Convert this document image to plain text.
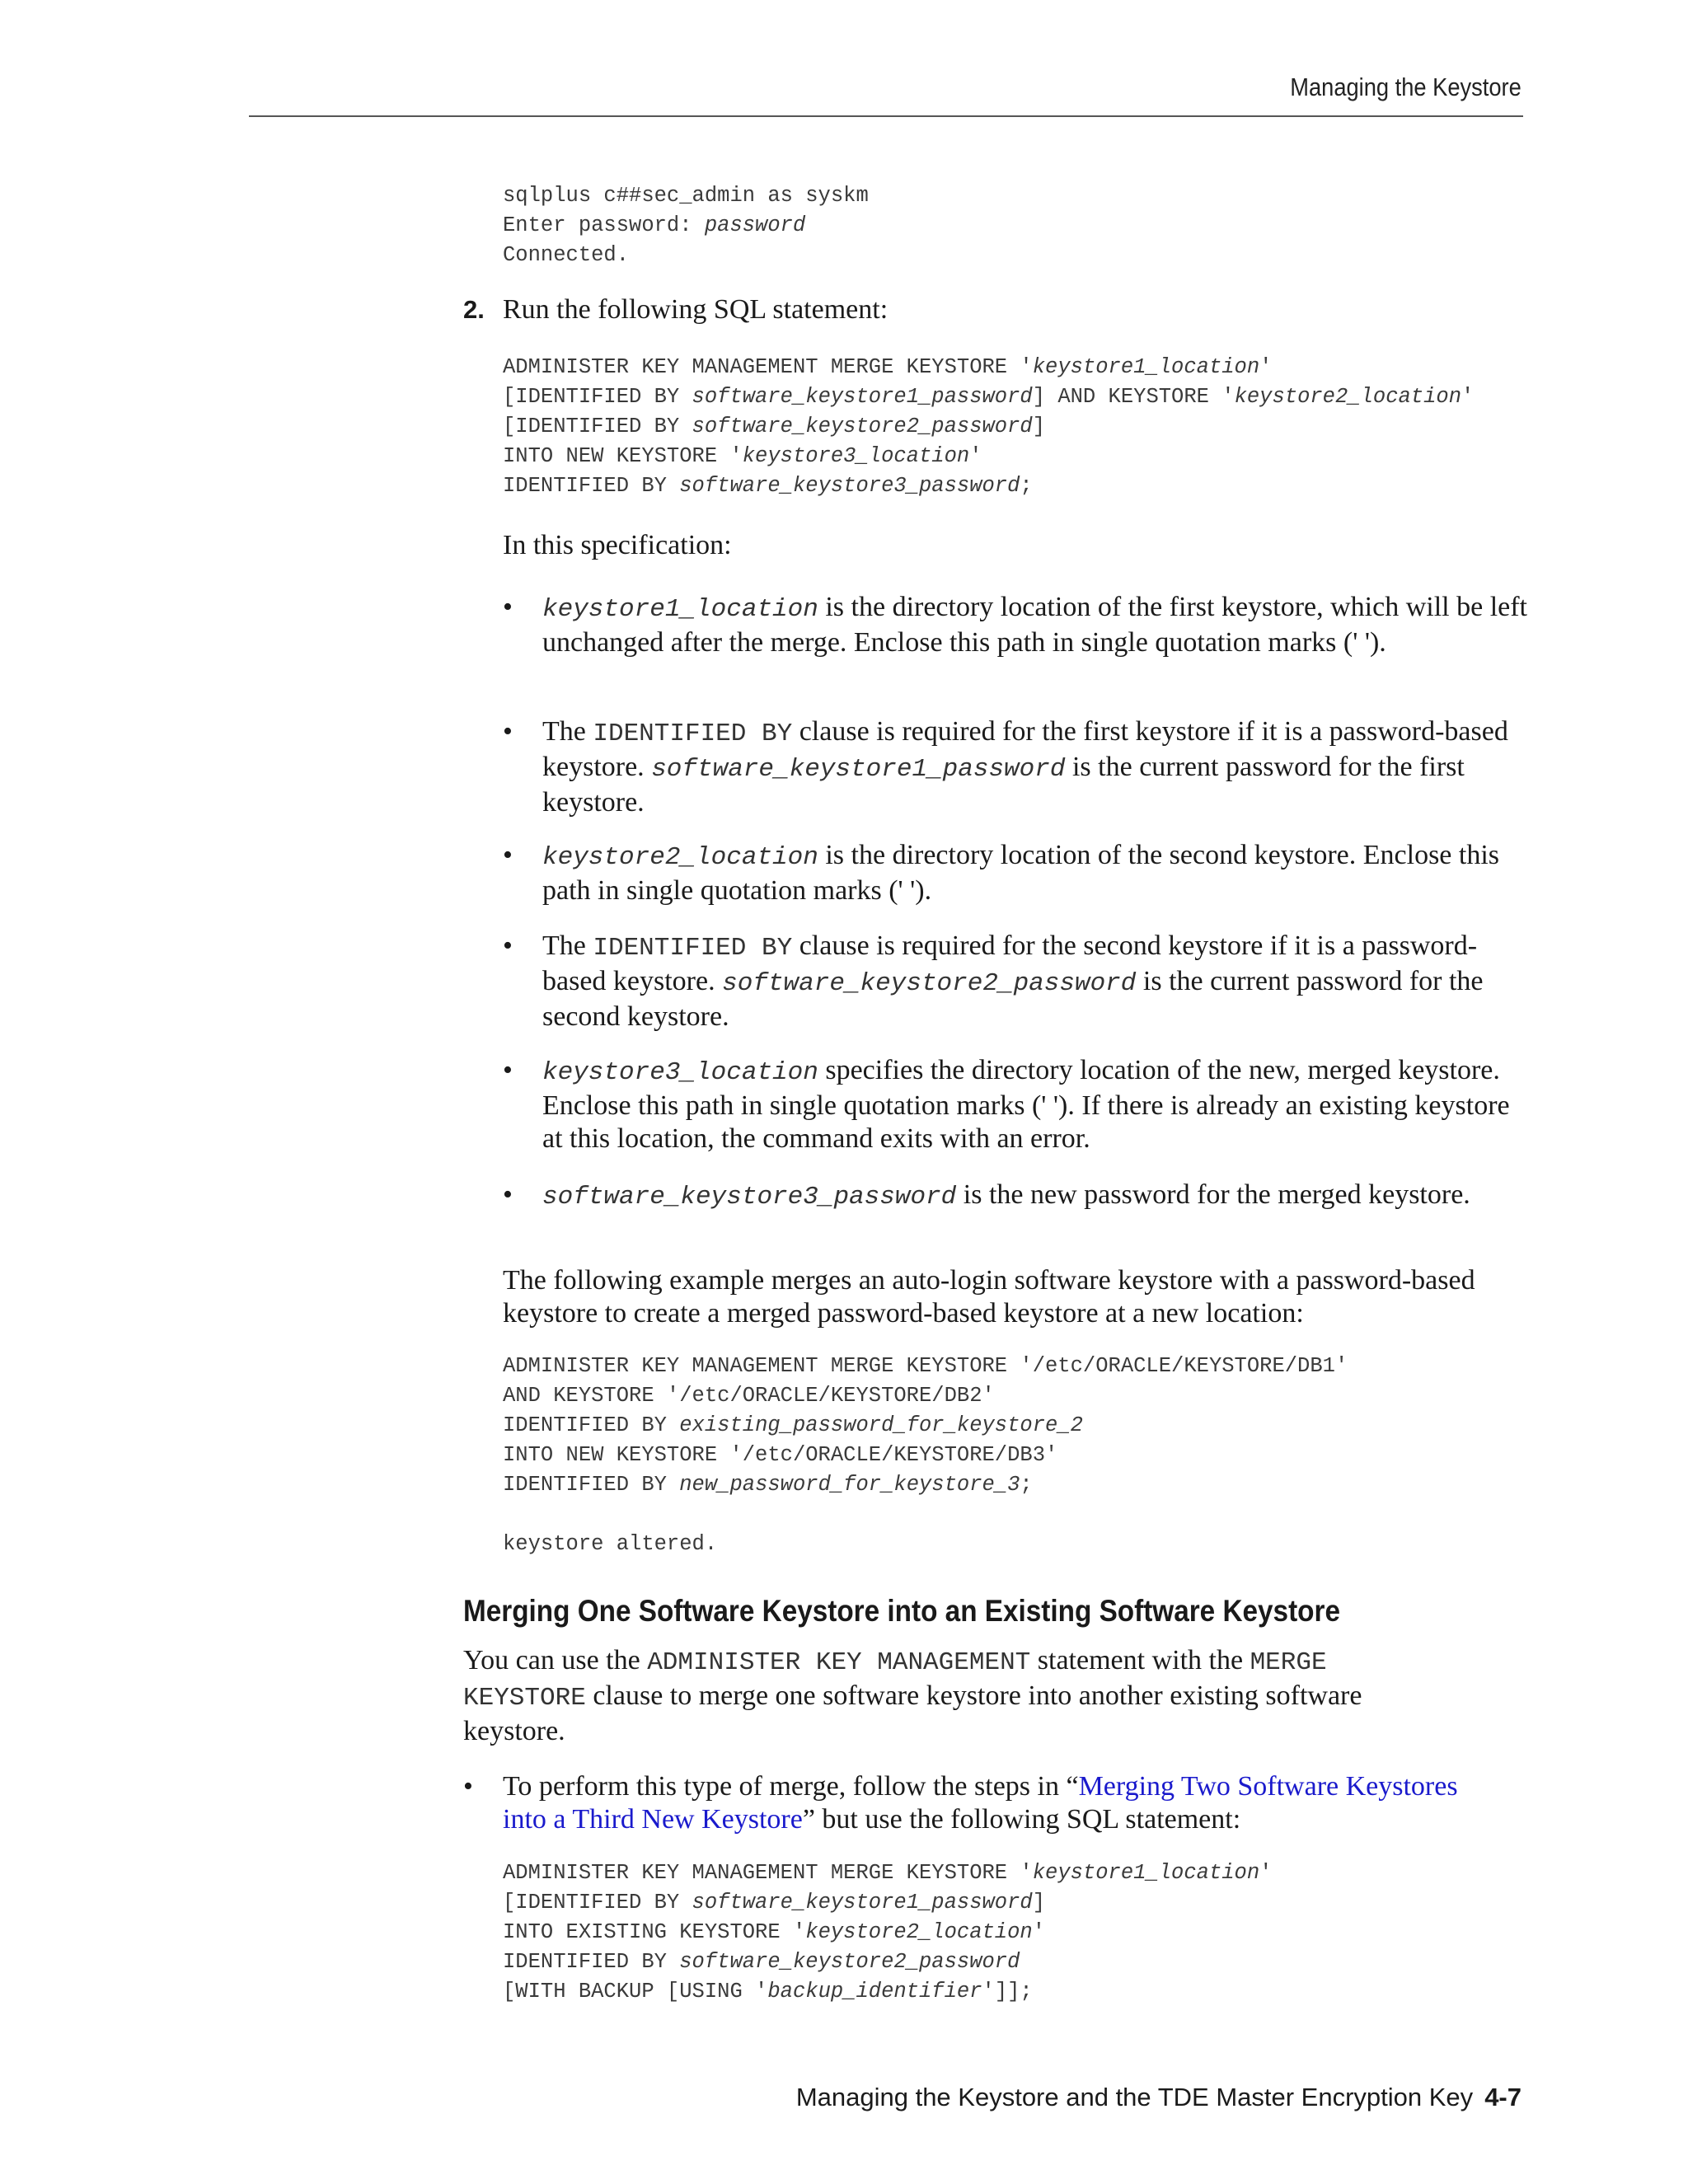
Managing the Keystore
sqlplus c##sec_admin as syskm
Enter password: password
Connected.
2. Run the following SQL statement:
ADMINISTER KEY MANAGEMENT MERGE KEYSTORE 'keystore1_location'
[IDENTIFIED BY software_keystore1_password] AND KEYSTORE 'keystore2_location'
[IDENTIFIED BY software_keystore2_password]
INTO NEW KEYSTORE 'keystore3_location'
IDENTIFIED BY software_keystore3_password;
In this specification:
• keystore1_location is the directory location of the first keystore, which will be left unchanged after the merge. Enclose this path in single quotation marks (' ').
• The IDENTIFIED BY clause is required for the first keystore if it is a password-based keystore. software_keystore1_password is the current password for the first keystore.
• keystore2_location is the directory location of the second keystore. Enclose this path in single quotation marks (' ').
• The IDENTIFIED BY clause is required for the second keystore if it is a password-based keystore. software_keystore2_password is the current password for the second keystore.
• keystore3_location specifies the directory location of the new, merged keystore. Enclose this path in single quotation marks (' '). If there is already an existing keystore at this location, the command exits with an error.
• software_keystore3_password is the new password for the merged keystore.
The following example merges an auto-login software keystore with a password-based keystore to create a merged password-based keystore at a new location:
ADMINISTER KEY MANAGEMENT MERGE KEYSTORE '/etc/ORACLE/KEYSTORE/DB1'
AND KEYSTORE '/etc/ORACLE/KEYSTORE/DB2'
IDENTIFIED BY existing_password_for_keystore_2
INTO NEW KEYSTORE '/etc/ORACLE/KEYSTORE/DB3'
IDENTIFIED BY new_password_for_keystore_3;

keystore altered.
Merging One Software Keystore into an Existing Software Keystore
You can use the ADMINISTER KEY MANAGEMENT statement with the MERGE KEYSTORE clause to merge one software keystore into another existing software keystore.
• To perform this type of merge, follow the steps in “Merging Two Software Keystores into a Third New Keystore” but use the following SQL statement:
ADMINISTER KEY MANAGEMENT MERGE KEYSTORE 'keystore1_location'
[IDENTIFIED BY software_keystore1_password]
INTO EXISTING KEYSTORE 'keystore2_location'
IDENTIFIED BY software_keystore2_password
[WITH BACKUP [USING 'backup_identifier']];
Managing the Keystore and the TDE Master Encryption Key 4-7
